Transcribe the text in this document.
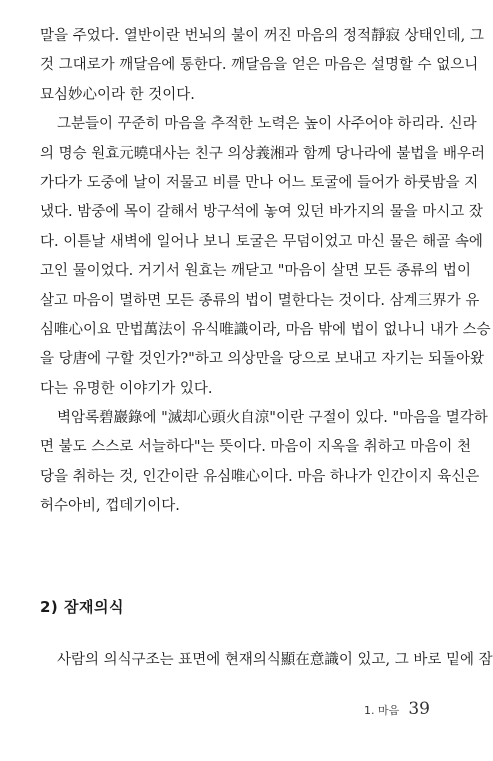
말을 주었다. 열반이란 번뇌의 불이 꺼진 마음의 정적靜寂 상태인데, 그
것 그대로가 깨달음에 통한다. 깨달음을 얻은 마음은 설명할 수 없으니
묘심妙心이라 한 것이다.
그분들이 꾸준히 마음을 추적한 노력은 높이 사주어야 하리라. 신라
의 명승 원효元曉대사는 친구 의상義湘과 함께 당나라에 불법을 배우러
가다가 도중에 날이 저물고 비를 만나 어느 토굴에 들어가 하룻밤을 지
냈다. 밤중에 목이 갈해서 방구석에 놓여 있던 바가지의 물을 마시고 잤
다. 이튿날 새벽에 일어나 보니 토굴은 무덤이었고 마신 물은 해골 속에
고인 물이었다. 거기서 원효는 깨닫고 "마음이 살면 모든 종류의 법이
살고 마음이 멸하면 모든 종류의 법이 멸한다는 것이다. 삼계三界가 유
심唯心이요 만법萬法이 유식唯識이라, 마음 밖에 법이 없나니 내가 스승
을 당唐에 구할 것인가?"하고 의상만을 당으로 보내고 자기는 되돌아왔
다는 유명한 이야기가 있다.
벽암록碧巖錄에 "滅却心頭火自涼"이란 구절이 있다. "마음을 멸각하
면 불도 스스로 서늘하다"는 뜻이다. 마음이 지옥을 취하고 마음이 천
당을 취하는 것, 인간이란 유심唯心이다. 마음 하나가 인간이지 육신은
허수아비, 껍데기이다.
2) 잠재의식
사람의 의식구조는 표면에 현재의식顯在意識이 있고, 그 바로 밑에 잠
1. 마음 39
